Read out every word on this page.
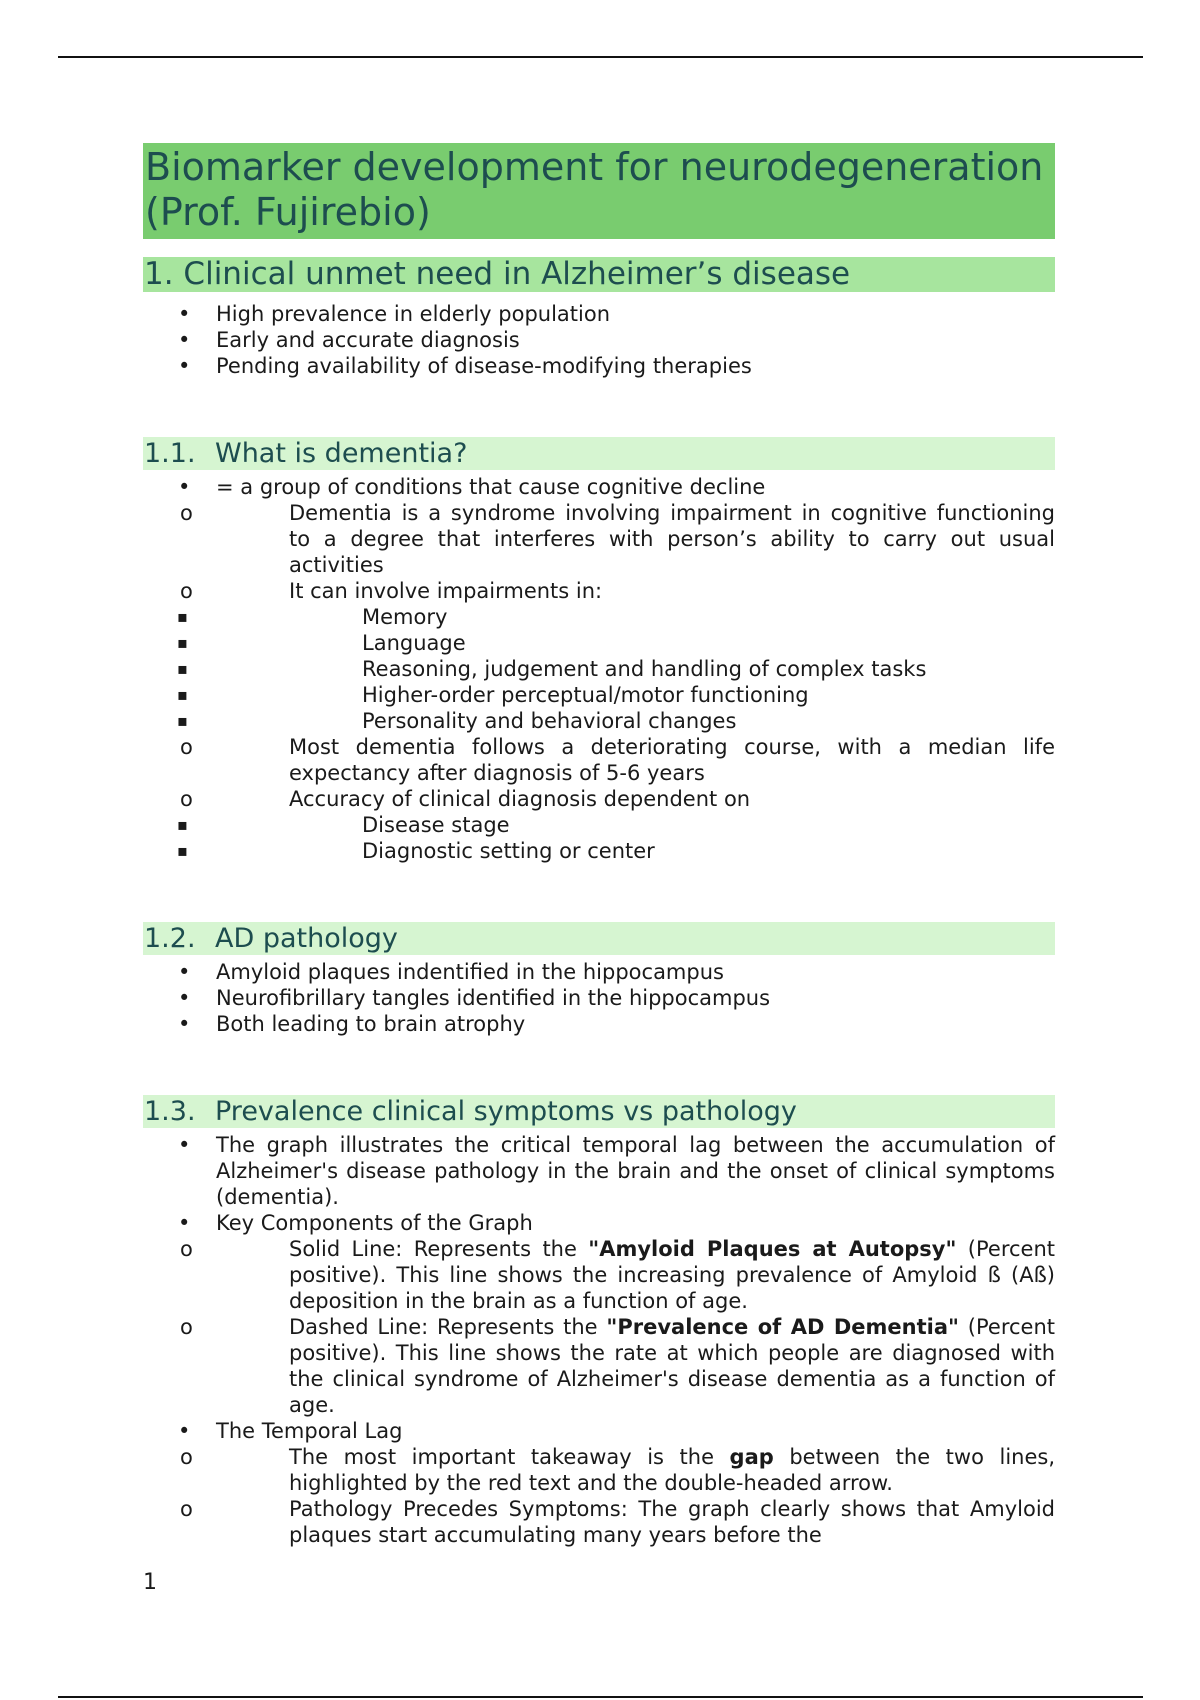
Biomarker development for neurodegeneration (Prof. Fujirebio)
1. Clinical unmet need in Alzheimer’s disease
• High prevalence in elderly population
• Early and accurate diagnosis
• Pending availability of disease-modifying therapies
1.1. What is dementia?
• = a group of conditions that cause cognitive decline
o Dementia is a syndrome involving impairment in cognitive functioning to a degree that interferes with person’s ability to carry out usual activities
o It can involve impairments in:
▪ Memory
▪ Language
▪ Reasoning, judgement and handling of complex tasks
▪ Higher-order perceptual/motor functioning
▪ Personality and behavioral changes
o Most dementia follows a deteriorating course, with a median life expectancy after diagnosis of 5-6 years
o Accuracy of clinical diagnosis dependent on
▪ Disease stage
▪ Diagnostic setting or center
1.2. AD pathology
• Amyloid plaques indentified in the hippocampus
• Neurofibrillary tangles identified in the hippocampus
• Both leading to brain atrophy
1.3. Prevalence clinical symptoms vs pathology
• The graph illustrates the critical temporal lag between the accumulation of Alzheimer's disease pathology in the brain and the onset of clinical symptoms (dementia).
• Key Components of the Graph
o Solid Line: Represents the "Amyloid Plaques at Autopsy" (Percent positive). This line shows the increasing prevalence of Amyloid ß (Aß) deposition in the brain as a function of age.
o Dashed Line: Represents the "Prevalence of AD Dementia" (Percent positive). This line shows the rate at which people are diagnosed with the clinical syndrome of Alzheimer's disease dementia as a function of age.
• The Temporal Lag
o The most important takeaway is the gap between the two lines, highlighted by the red text and the double-headed arrow.
o Pathology Precedes Symptoms: The graph clearly shows that Amyloid plaques start accumulating many years before the
1
